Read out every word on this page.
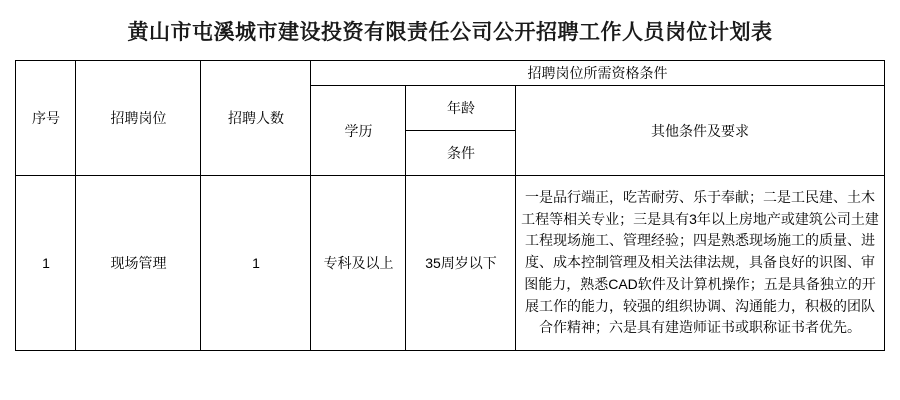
黄山市屯溪城市建设投资有限责任公司公开招聘工作人员岗位计划表
序号	招聘岗位	招聘人数	招聘岗位所需资格条件		
			学历	年龄	其他条件及要求
				条件	
1	现场管理	1	专科及以上	35周岁以下	一是品行端正，吃苦耐劳、乐于奉献；二是工民建、土木工程等相关专业；三是具有3年以上房地产或建筑公司土建工程现场施工、管理经验；四是熟悉现场施工的质量、进度、成本控制管理及相关法律法规，具备良好的识图、审图能力，熟悉CAD软件及计算机操作；五是具备独立的开展工作的能力，较强的组织协调、沟通能力，积极的团队合作精神；六是具有建造师证书或职称证书者优先。
